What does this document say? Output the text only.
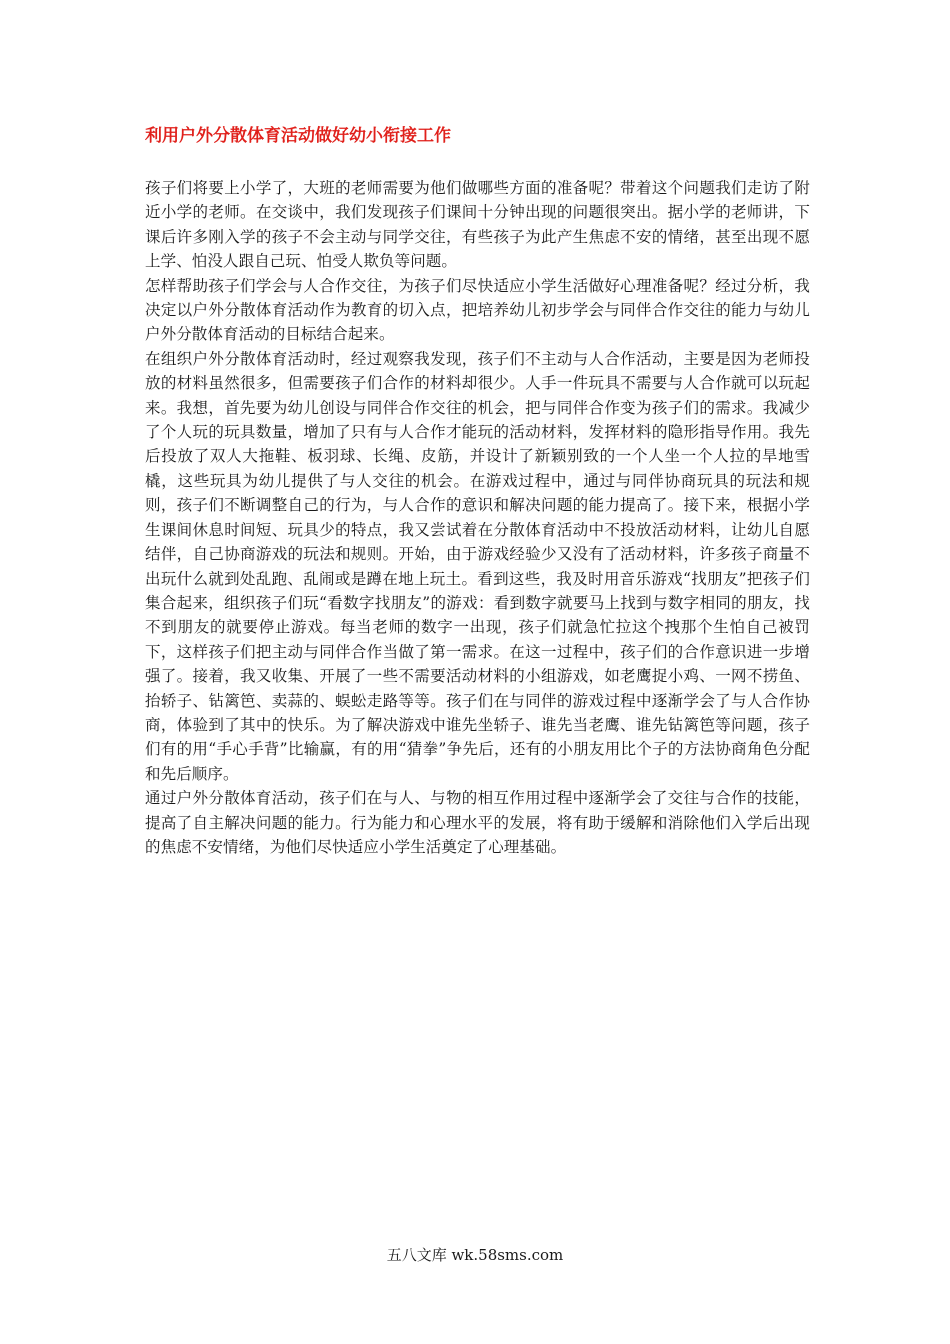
利用户外分散体育活动做好幼小衔接工作

孩子们将要上小学了，大班的老师需要为他们做哪些方面的准备呢？带着这个问题我们走访了附近小学的老师。在交谈中，我们发现孩子们课间十分钟出现的问题很突出。据小学的老师讲，下课后许多刚入学的孩子不会主动与同学交往，有些孩子为此产生焦虑不安的情绪，甚至出现不愿上学、怕没人跟自己玩、怕受人欺负等问题。

怎样帮助孩子们学会与人合作交往，为孩子们尽快适应小学生活做好心理准备呢？经过分析，我决定以户外分散体育活动作为教育的切入点，把培养幼儿初步学会与同伴合作交往的能力与幼儿户外分散体育活动的目标结合起来。

在组织户外分散体育活动时，经过观察我发现，孩子们不主动与人合作活动，主要是因为老师投放的材料虽然很多，但需要孩子们合作的材料却很少。人手一件玩具不需要与人合作就可以玩起来。我想，首先要为幼儿创设与同伴合作交往的机会，把与同伴合作变为孩子们的需求。我减少了个人玩的玩具数量，增加了只有与人合作才能玩的活动材料，发挥材料的隐形指导作用。我先后投放了双人大拖鞋、板羽球、长绳、皮筋，并设计了新颖别致的一个人坐一个人拉的旱地雪橇，这些玩具为幼儿提供了与人交往的机会。在游戏过程中，通过与同伴协商玩具的玩法和规则，孩子们不断调整自己的行为，与人合作的意识和解决问题的能力提高了。接下来，根据小学生课间休息时间短、玩具少的特点，我又尝试着在分散体育活动中不投放活动材料，让幼儿自愿结伴，自己协商游戏的玩法和规则。开始，由于游戏经验少又没有了活动材料，许多孩子商量不出玩什么就到处乱跑、乱闹或是蹲在地上玩土。看到这些，我及时用音乐游戏“找朋友”把孩子们集合起来，组织孩子们玩“看数字找朋友”的游戏：看到数字就要马上找到与数字相同的朋友，找不到朋友的就要停止游戏。每当老师的数字一出现，孩子们就急忙拉这个拽那个生怕自己被罚下，这样孩子们把主动与同伴合作当做了第一需求。在这一过程中，孩子们的合作意识进一步增强了。接着，我又收集、开展了一些不需要活动材料的小组游戏，如老鹰捉小鸡、一网不捞鱼、抬轿子、钻篱笆、卖蒜的、蜈蚣走路等等。孩子们在与同伴的游戏过程中逐渐学会了与人合作协商，体验到了其中的快乐。为了解决游戏中谁先坐轿子、谁先当老鹰、谁先钻篱笆等问题，孩子们有的用“手心手背”比输赢，有的用“猜拳”争先后，还有的小朋友用比个子的方法协商角色分配和先后顺序。

通过户外分散体育活动，孩子们在与人、与物的相互作用过程中逐渐学会了交往与合作的技能，提高了自主解决问题的能力。行为能力和心理水平的发展，将有助于缓解和消除他们入学后出现的焦虑不安情绪，为他们尽快适应小学生活奠定了心理基础。

五八文库 wk.58sms.com
